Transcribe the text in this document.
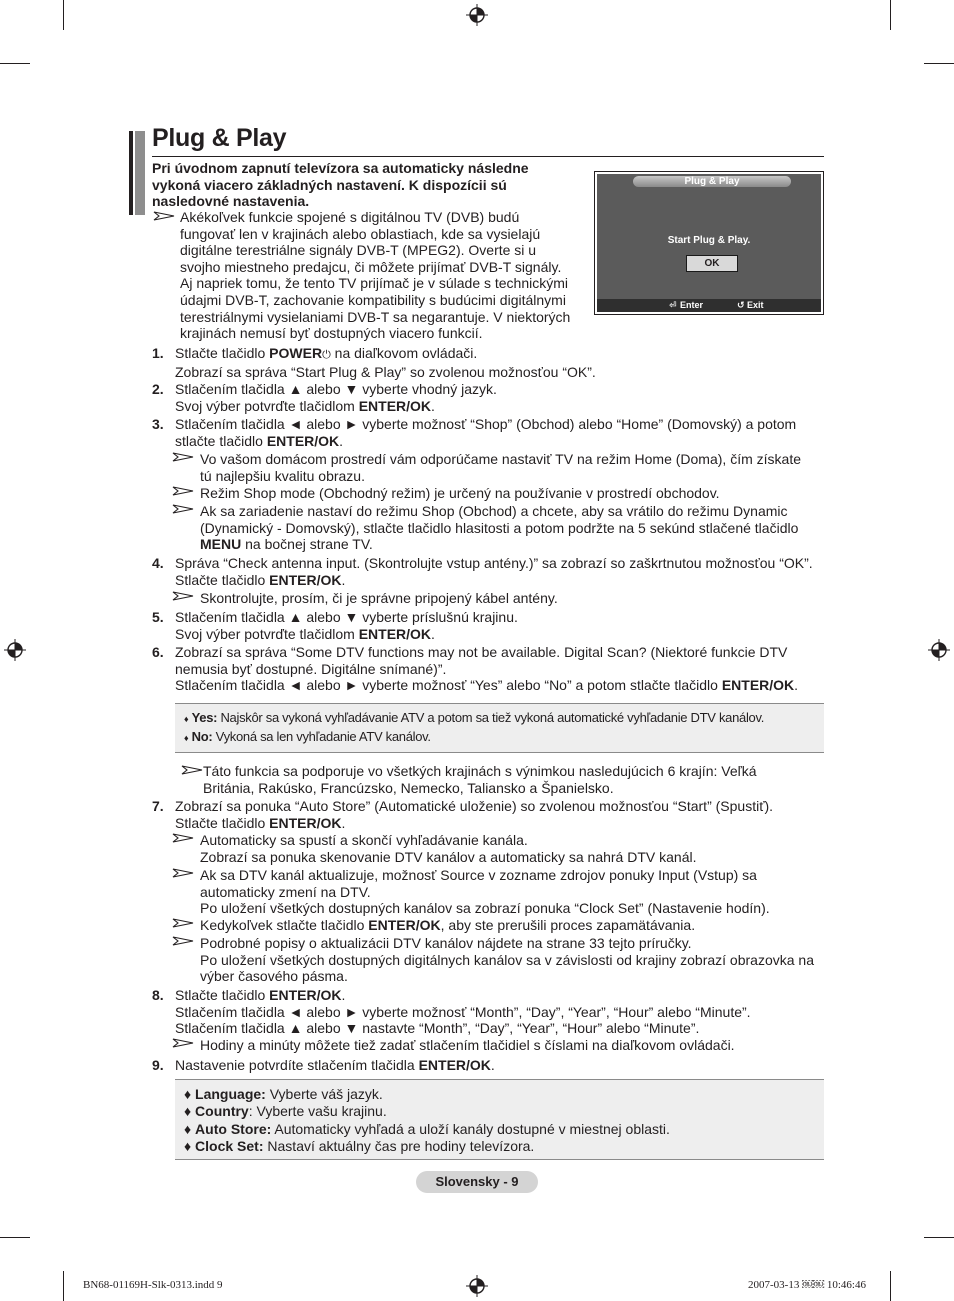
Plug & Play
Pri úvodnom zapnutí televízora sa automaticky následne
vykoná viacero základných nastavení. K dispozícii sú
nasledovné nastavenia.
Akékoľvek funkcie spojené s digitálnou TV (DVB) budú
fungovať len v krajinách alebo oblastiach, kde sa vysielajú
digitálne terestriálne signály DVB-T (MPEG2). Overte si u
svojho miestneho predajcu, či môžete prijímať DVB-T signály.
Aj napriek tomu, že tento TV prijímač je v súlade s technickými
údajmi DVB-T, zachovanie kompatibility s budúcimi digitálnymi
terestriálnymi vysielaniami DVB-T sa negarantuje. V niektorých
krajinách nemusí byť dostupných viacero funkcií.
Plug & Play
Start Plug & Play.
OK
⏎ Enter	↺ Exit
1. Stlačte tlačidlo POWER⏻ na diaľkovom ovládači.
Zobrazí sa správa “Start Plug & Play” so zvolenou možnosťou “OK”.
2. Stlačením tlačidla ▲ alebo ▼ vyberte vhodný jazyk.
Svoj výber potvrďte tlačidlom ENTER/OK.
3. Stlačením tlačidla ◄ alebo ► vyberte možnosť “Shop” (Obchod) alebo “Home” (Domovský) a potom
stlačte tlačidlo ENTER/OK.
Vo vašom domácom prostredí vám odporúčame nastaviť TV na režim Home (Doma), čím získate
tú najlepšiu kvalitu obrazu.
Režim Shop mode (Obchodný režim) je určený na používanie v prostredí obchodov.
Ak sa zariadenie nastaví do režimu Shop (Obchod) a chcete, aby sa vrátilo do režimu Dynamic
(Dynamický - Domovský), stlačte tlačidlo hlasitosti a potom podržte na 5 sekúnd stlačené tlačidlo
MENU na bočnej strane TV.
4. Správa “Check antenna input. (Skontrolujte vstup antény.)” sa zobrazí so zaškrtnutou možnosťou “OK”.
Stlačte tlačidlo ENTER/OK.
Skontrolujte, prosím, či je správne pripojený kábel antény.
5. Stlačením tlačidla ▲ alebo ▼ vyberte príslušnú krajinu.
Svoj výber potvrďte tlačidlom ENTER/OK.
6. Zobrazí sa správa “Some DTV functions may not be available. Digital Scan? (Niektoré funkcie DTV
nemusia byť dostupné. Digitálne snímané)”.
Stlačením tlačidla ◄ alebo ► vyberte možnosť “Yes” alebo “No” a potom stlačte tlačidlo ENTER/OK.
♦ Yes: Najskôr sa vykoná vyhľadávanie ATV a potom sa tiež vykoná automatické vyhľadanie DTV kanálov.
♦ No: Vykoná sa len vyhľadanie ATV kanálov.
Táto funkcia sa podporuje vo všetkých krajinách s výnimkou nasledujúcich 6 krajín: Veľká
Británia, Rakúsko, Francúzsko, Nemecko, Taliansko a Španielsko.
7. Zobrazí sa ponuka “Auto Store” (Automatické uloženie) so zvolenou možnosťou “Start” (Spustiť).
Stlačte tlačidlo ENTER/OK.
Automaticky sa spustí a skončí vyhľadávanie kanála.
Zobrazí sa ponuka skenovanie DTV kanálov a automaticky sa nahrá DTV kanál.
Ak sa DTV kanál aktualizuje, možnosť Source v zozname zdrojov ponuky Input (Vstup) sa
automaticky zmení na DTV.
Po uložení všetkých dostupných kanálov sa zobrazí ponuka “Clock Set” (Nastavenie hodín).
Kedykoľvek stlačte tlačidlo ENTER/OK, aby ste prerušili proces zapamätávania.
Podrobné popisy o aktualizácii DTV kanálov nájdete na strane 33 tejto príručky.
Po uložení všetkých dostupných digitálnych kanálov sa v závislosti od krajiny zobrazí obrazovka na
výber časového pásma.
8. Stlačte tlačidlo ENTER/OK.
Stlačením tlačidla ◄ alebo ► vyberte možnosť “Month”, “Day”, “Year”, “Hour” alebo “Minute”.
Stlačením tlačidla ▲ alebo ▼ nastavte “Month”, “Day”, “Year”, “Hour” alebo “Minute”.
Hodiny a minúty môžete tiež zadať stlačením tlačidiel s číslami na diaľkovom ovládači.
9. Nastavenie potvrdíte stlačením tlačidla ENTER/OK.
♦ Language: Vyberte váš jazyk.
♦ Country: Vyberte vašu krajinu.
♦ Auto Store: Automaticky vyhľadá a uloží kanály dostupné v miestnej oblasti.
♦ Clock Set: Nastaví aktuálny čas pre hodiny televízora.
Slovensky - 9
BN68-01169H-Slk-0313.indd 9	2007-03-13 ￼￼ 10:46:46
